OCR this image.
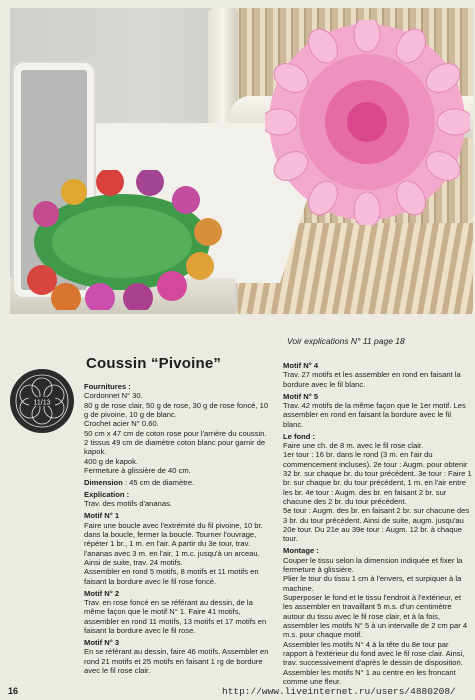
Voir explications N° 11 page 18
Coussin “Pivoine”
11/13
Fournitures :
Cordonnet N° 30.
80 g de rose clair, 50 g de rose, 30 g de rose foncé, 10 g de pivoine, 10 g de blanc.
Crochet acier N° 0.60.
50 cm x 47 cm de coton rose pour l'arrière du coussin.
2 tissus 49 cm de diamètre coton blanc pour garnir de kapok.
400 g de kapok.
Fermeture à glissière de 40 cm.
Dimension : 45 cm de diamètre.
Explication :
Trav. des motifs d'ananas.
Motif N° 1
Faire une boucle avec l'extrémité du fil pivoine, 10 br. dans la boucle, fermer la boucle. Tourner l'ouvrage, répéter 1 br., 1 m. en l'air. A partir du 3e tour, trav. l'ananas avec 3 m. en l'air, 1 m.c. jusqu'à un arceau. Ainsi de suite, trav. 24 motifs.
Assembler en rond 5 motifs, 8 motifs et 11 motifs en faisant la bordure avec le fil rose foncé.
Motif N° 2
Trav. en rose foncé en se référant au dessin, de la même façon que le motif N° 1. Faire 41 motifs, assembler en rond 11 motifs, 13 motifs et 17 motifs en faisant la bordure avec le fil rose.
Motif N° 3
En se référant au dessin, faire 46 motifs. Assembler en rond 21 motifs et 25 motifs en faisant 1 rg de bordure avec le fil rose clair.
Motif N° 4
Trav. 27 motifs et les assembler en rond en faisant la bordure avec le fil blanc.
Motif N° 5
Trav. 42 motifs de la même façon que le 1er motif. Les assembler en rond en faisant la bordure avec le fil blanc.
Le fond :
Faire une ch. de 8 m. avec le fil rose clair.
1er tour : 16 br. dans le rond (3 m. en l'air du commencement incluses). 2e tour : Augm. pour obtenir 32 br. sur chaque br. du tour précédent. 3e tour : Faire 1 br. sur chaque br. du tour précédent, 1 m. en l'air entre les br. 4e tour : Augm. des br. en faisant 2 br. sur chacune des 2 br. du tour précédent.
5e tour : Augm. des br. en faisant 2 br. sur chacune des 3 br. du tour précédent. Ainsi de suite, augm. jusqu'au 20e tour. Du 21e au 39e tour : Augm. 12 br. à chaque tour.
Montage :
Couper le tissu selon la dimension indiquée et fixer la fermeture à glissière.
Plier le tour du tissu 1 cm à l'envers, et surpiquer à la machine.
Superposer le fond et le tissu l'endroit à l'extérieur, et les assembler en travaillant 5 m.s. d'un centimètre autour du tissu avec le fil rose clair, et à la fois, assembler les motifs N° 5 à un intervalle de 2 cm par 4 m.s. pour chaque motif.
Assembler les motifs N° 4 à la tête du 8e tour par rapport à l'extérieur du fond avec le fil rose clair. Ainsi, trav. successivement d'après le dessin de disposition.
Assembler les motifs N° 1 au centre en les froncant comme une fleur.
16	http://www.liveinternet.ru/users/4880208/
